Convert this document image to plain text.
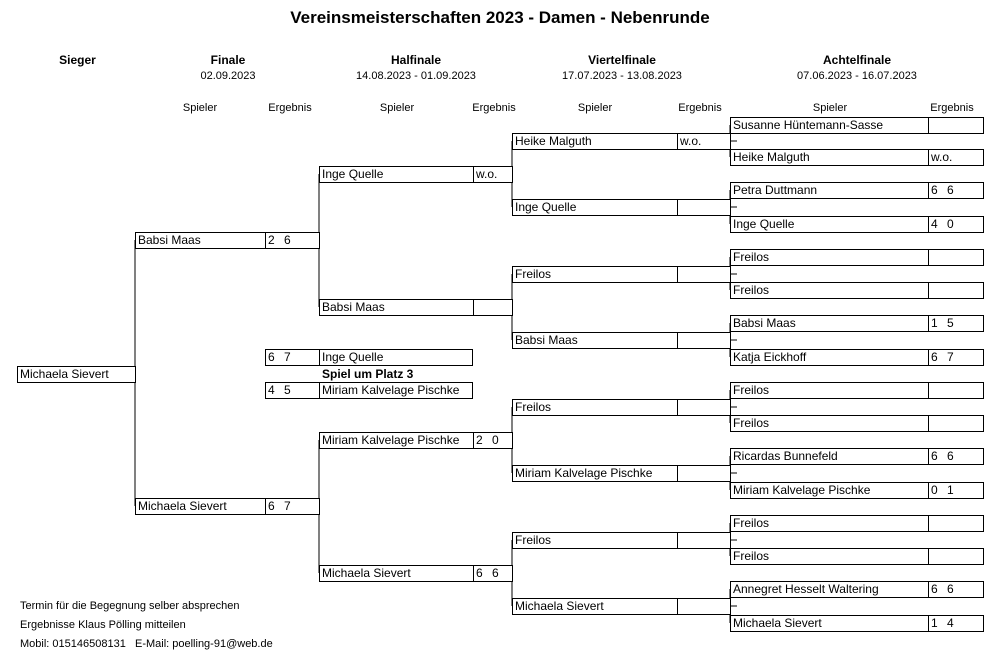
Vereinsmeisterschaften 2023 - Damen - Nebenrunde
Sieger	Finale
02.09.2023
Halfinale
14.08.2023 - 01.09.2023
Viertelfinale
17.07.2023 - 13.08.2023
Achtelfinale
07.06.2023 - 16.07.2023
Spieler	Ergebnis	Spieler	Ergebnis	Spieler	Ergebnis	Spieler	Ergebnis
Susanne Hüntemann-Sasse
Heike Malguth	w.o.
Petra Duttmann	6 6
Inge Quelle	4 0
Freilos
Freilos
Babsi Maas	1 5
Katja Eickhoff	6 7
Freilos
Freilos
Ricardas Bunnefeld	6 6
Miriam Kalvelage Pischke	0 1
Freilos
Freilos
Annegret Hesselt Waltering	6 6
Michaela Sievert	1 4
Heike Malguth	w.o.
Inge Quelle
Freilos
Babsi Maas
Freilos
Miriam Kalvelage Pischke
Freilos
Michaela Sievert
Inge Quelle	w.o.
Babsi Maas
Miriam Kalvelage Pischke	2 0
Michaela Sievert	6 6
Babsi Maas	2 6
Michaela Sievert	6 7
Michaela Sievert
6 7	Inge Quelle
Spiel um Platz 3
4 5	Miriam Kalvelage Pischke
Termin für die Begegnung selber absprechen
Ergebnisse Klaus Pölling mitteilen
Mobil: 015146508131   E-Mail: poelling-91@web.de
